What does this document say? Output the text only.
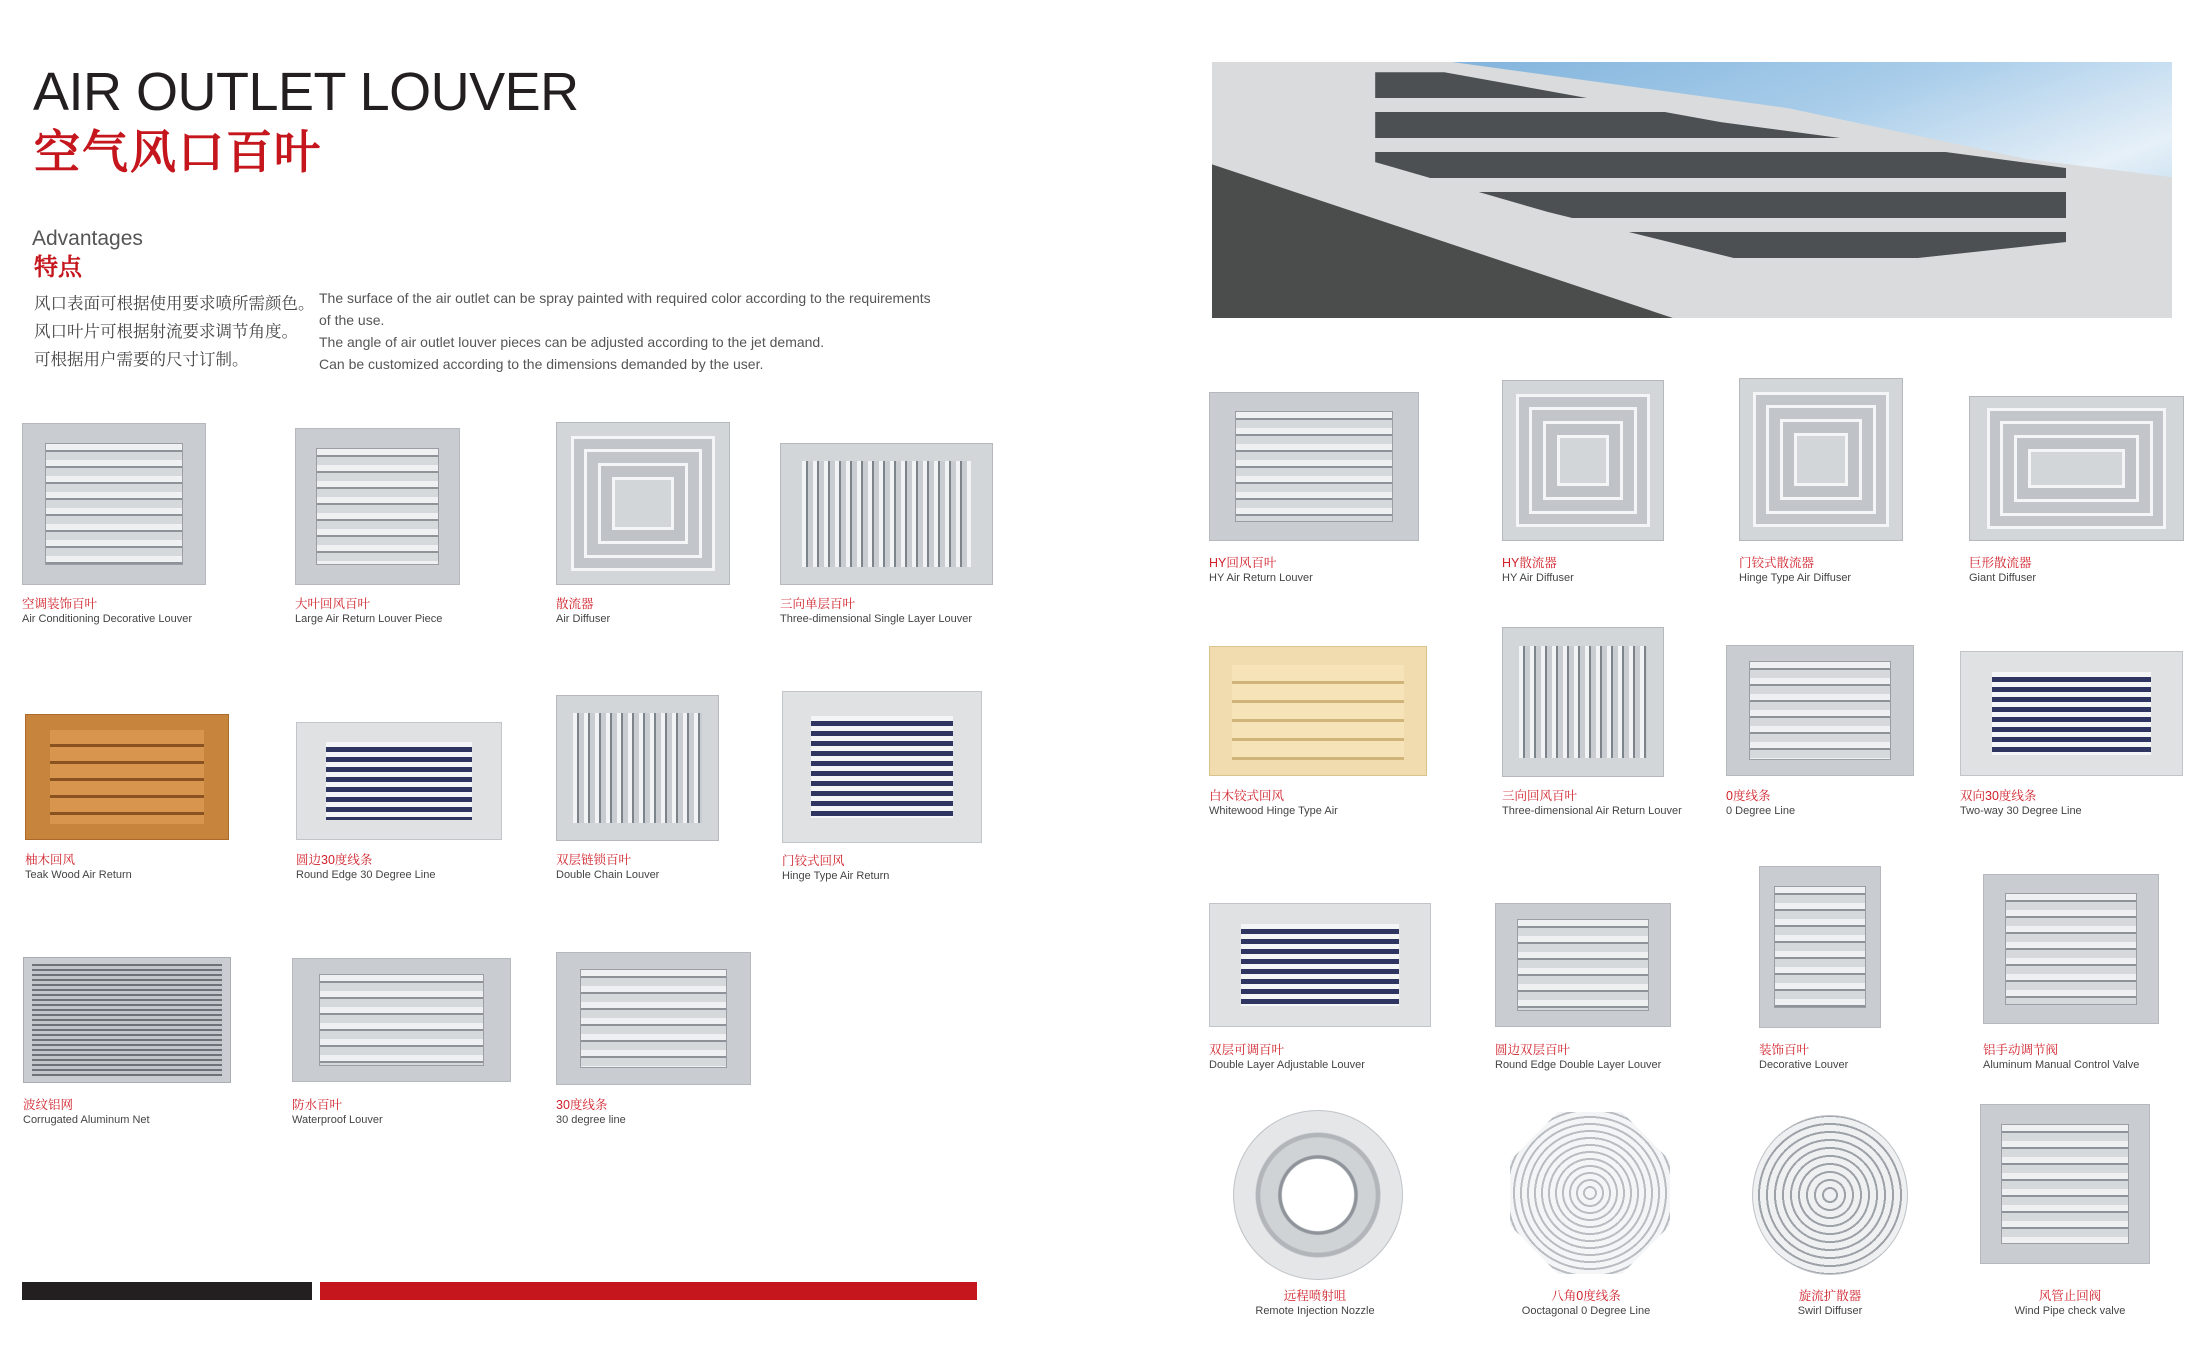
AIR OUTLET LOUVER
空气风口百叶
Advantages
特点
风口表面可根据使用要求喷所需颜色。
风口叶片可根据射流要求调节角度。
可根据用户需要的尺寸订制。
The surface of the air outlet can be spray painted with required color according to the requirements
of the use.
The angle of air outlet louver pieces can be adjusted according to the jet demand.
Can be customized according to the dimensions demanded by the user.
空调装饰百叶
Air Conditioning Decorative Louver
大叶回风百叶
Large Air Return Louver Piece
散流器
Air Diffuser
三向单层百叶
Three-dimensional Single Layer Louver
柚木回风
Teak Wood Air Return
圆边30度线条
Round Edge 30 Degree Line
双层链锁百叶
Double Chain Louver
门铰式回风
Hinge Type Air Return
波纹铝网
Corrugated Aluminum Net
防水百叶
Waterproof Louver
30度线条
30 degree line
HY回风百叶
HY Air Return Louver
HY散流器
HY Air Diffuser
门铰式散流器
Hinge Type Air Diffuser
巨形散流器
Giant Diffuser
白木铰式回风
Whitewood Hinge Type Air
三向回风百叶
Three-dimensional Air Return Louver
0度线条
0 Degree Line
双向30度线条
Two-way 30 Degree Line
双层可调百叶
Double Layer Adjustable Louver
圆边双层百叶
Round Edge Double Layer Louver
装饰百叶
Decorative Louver
铝手动调节阀
Aluminum Manual Control Valve
远程喷射咀
Remote Injection Nozzle
八角0度线条
Ooctagonal 0 Degree Line
旋流扩散器
Swirl Diffuser
风管止回阀
Wind Pipe check valve
